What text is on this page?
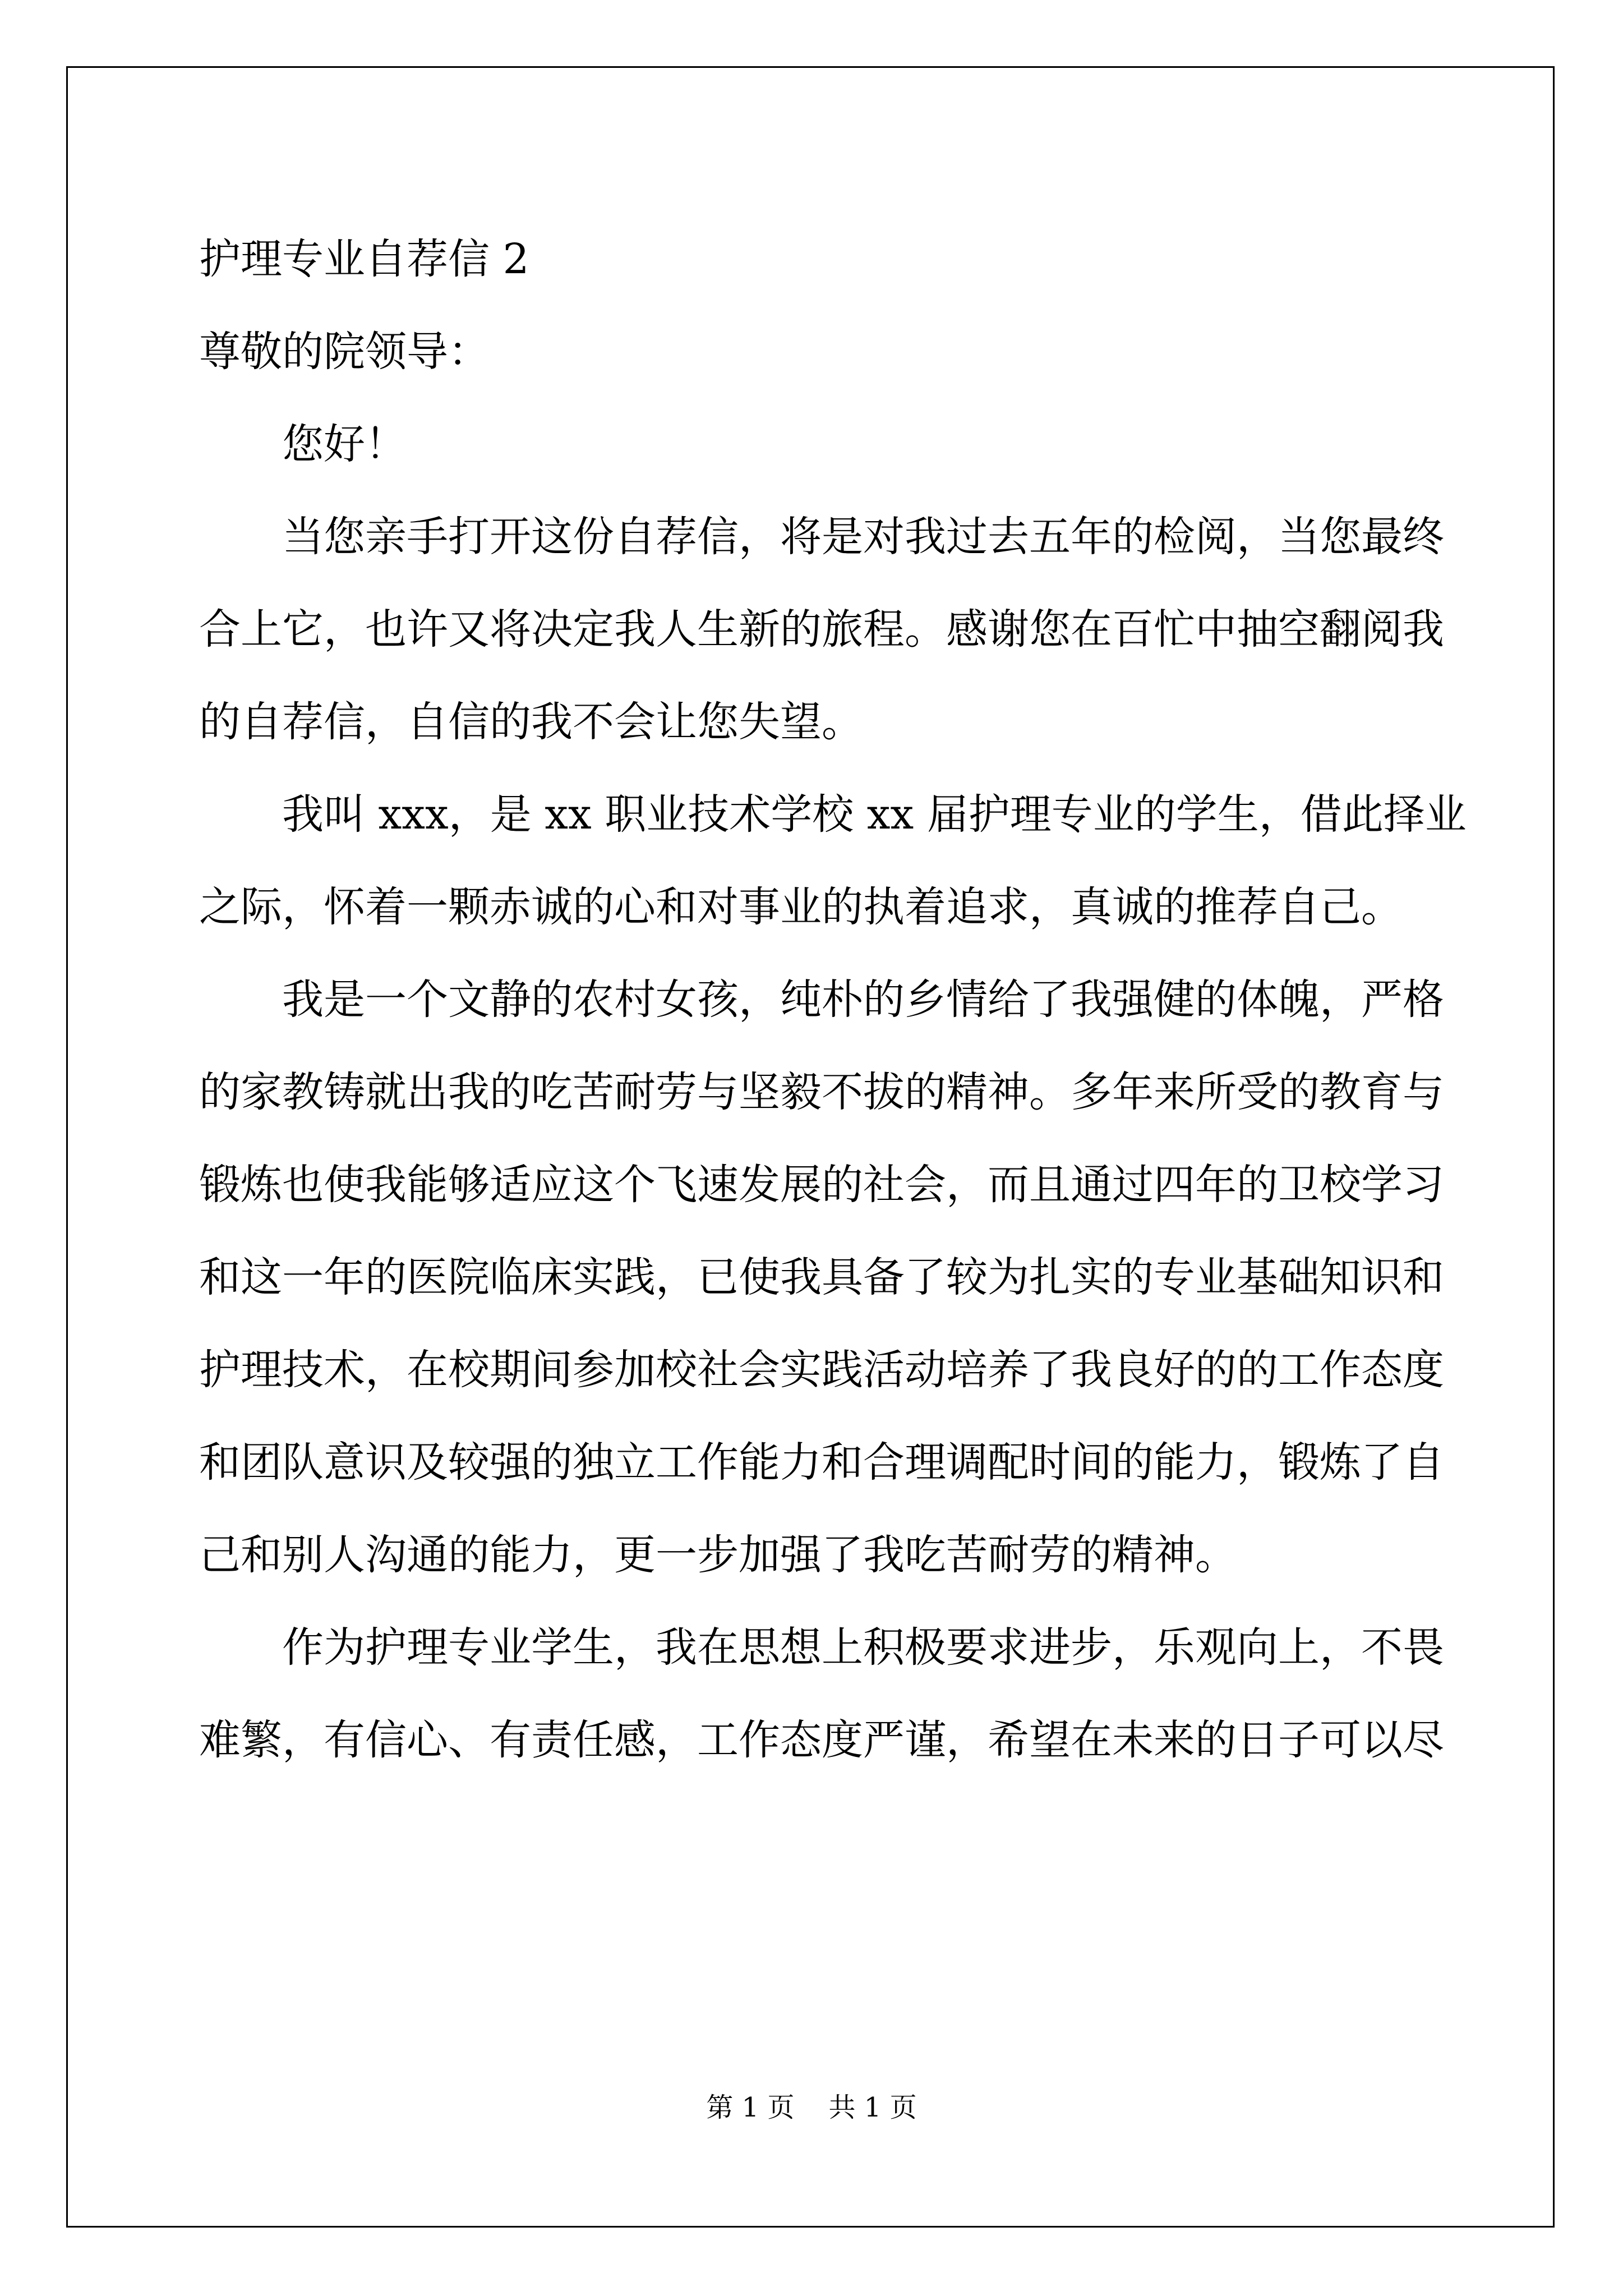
护理专业自荐信 2

尊敬的院领导：

您好！

当您亲手打开这份自荐信，将是对我过去五年的检阅，当您最终

合上它，也许又将决定我人生新的旅程。感谢您在百忙中抽空翻阅我

的自荐信，自信的我不会让您失望。

我叫 xxx，是 xx 职业技术学校 xx 届护理专业的学生，借此择业

之际，怀着一颗赤诚的心和对事业的执着追求，真诚的推荐自己。

我是一个文静的农村女孩，纯朴的乡情给了我强健的体魄，严格

的家教铸就出我的吃苦耐劳与坚毅不拔的精神。多年来所受的教育与

锻炼也使我能够适应这个飞速发展的社会，而且通过四年的卫校学习

和这一年的医院临床实践，已使我具备了较为扎实的专业基础知识和

护理技术，在校期间参加校社会实践活动培养了我良好的的工作态度

和团队意识及较强的独立工作能力和合理调配时间的能力，锻炼了自

己和别人沟通的能力，更一步加强了我吃苦耐劳的精神。

作为护理专业学生，我在思想上积极要求进步，乐观向上，不畏

难繁，有信心、有责任感，工作态度严谨，希望在未来的日子可以尽

第 1 页 共 1 页
